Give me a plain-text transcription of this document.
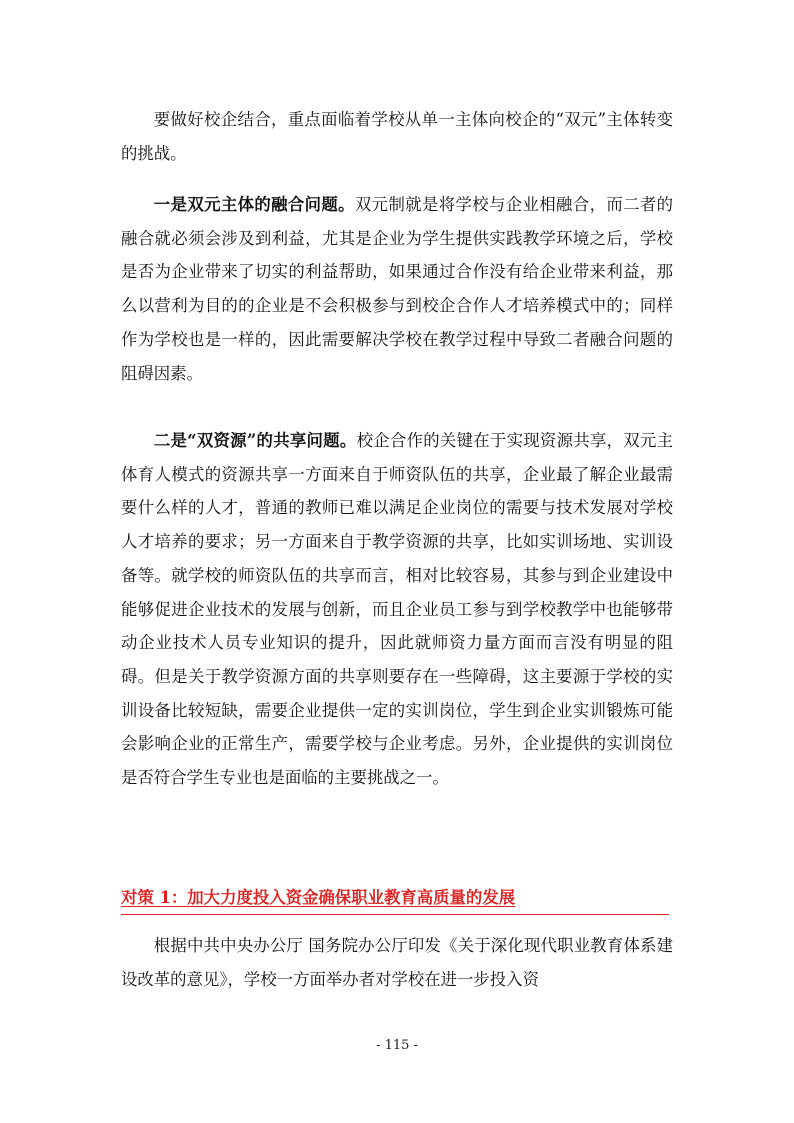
要做好校企结合，重点面临着学校从单一主体向校企的“双元”主体转变的挑战。

一是双元主体的融合问题。双元制就是将学校与企业相融合，而二者的融合就必须会涉及到利益，尤其是企业为学生提供实践教学环境之后，学校是否为企业带来了切实的利益帮助，如果通过合作没有给企业带来利益，那么以营利为目的的企业是不会积极参与到校企合作人才培养模式中的；同样作为学校也是一样的，因此需要解决学校在教学过程中导致二者融合问题的阻碍因素。

二是“双资源”的共享问题。校企合作的关键在于实现资源共享，双元主体育人模式的资源共享一方面来自于师资队伍的共享，企业最了解企业最需要什么样的人才，普通的教师已难以满足企业岗位的需要与技术发展对学校人才培养的要求；另一方面来自于教学资源的共享，比如实训场地、实训设备等。就学校的师资队伍的共享而言，相对比较容易，其参与到企业建设中能够促进企业技术的发展与创新，而且企业员工参与到学校教学中也能够带动企业技术人员专业知识的提升，因此就师资力量方面而言没有明显的阻碍。但是关于教学资源方面的共享则要存在一些障碍，这主要源于学校的实训设备比较短缺，需要企业提供一定的实训岗位，学生到企业实训锻炼可能会影响企业的正常生产，需要学校与企业考虑。另外，企业提供的实训岗位是否符合学生专业也是面临的主要挑战之一。

对策 1：加大力度投入资金确保职业教育高质量的发展

根据中共中央办公厅 国务院办公厅印发《关于深化现代职业教育体系建设改革的意见》，学校一方面举办者对学校在进一步投入资

- 115 -
